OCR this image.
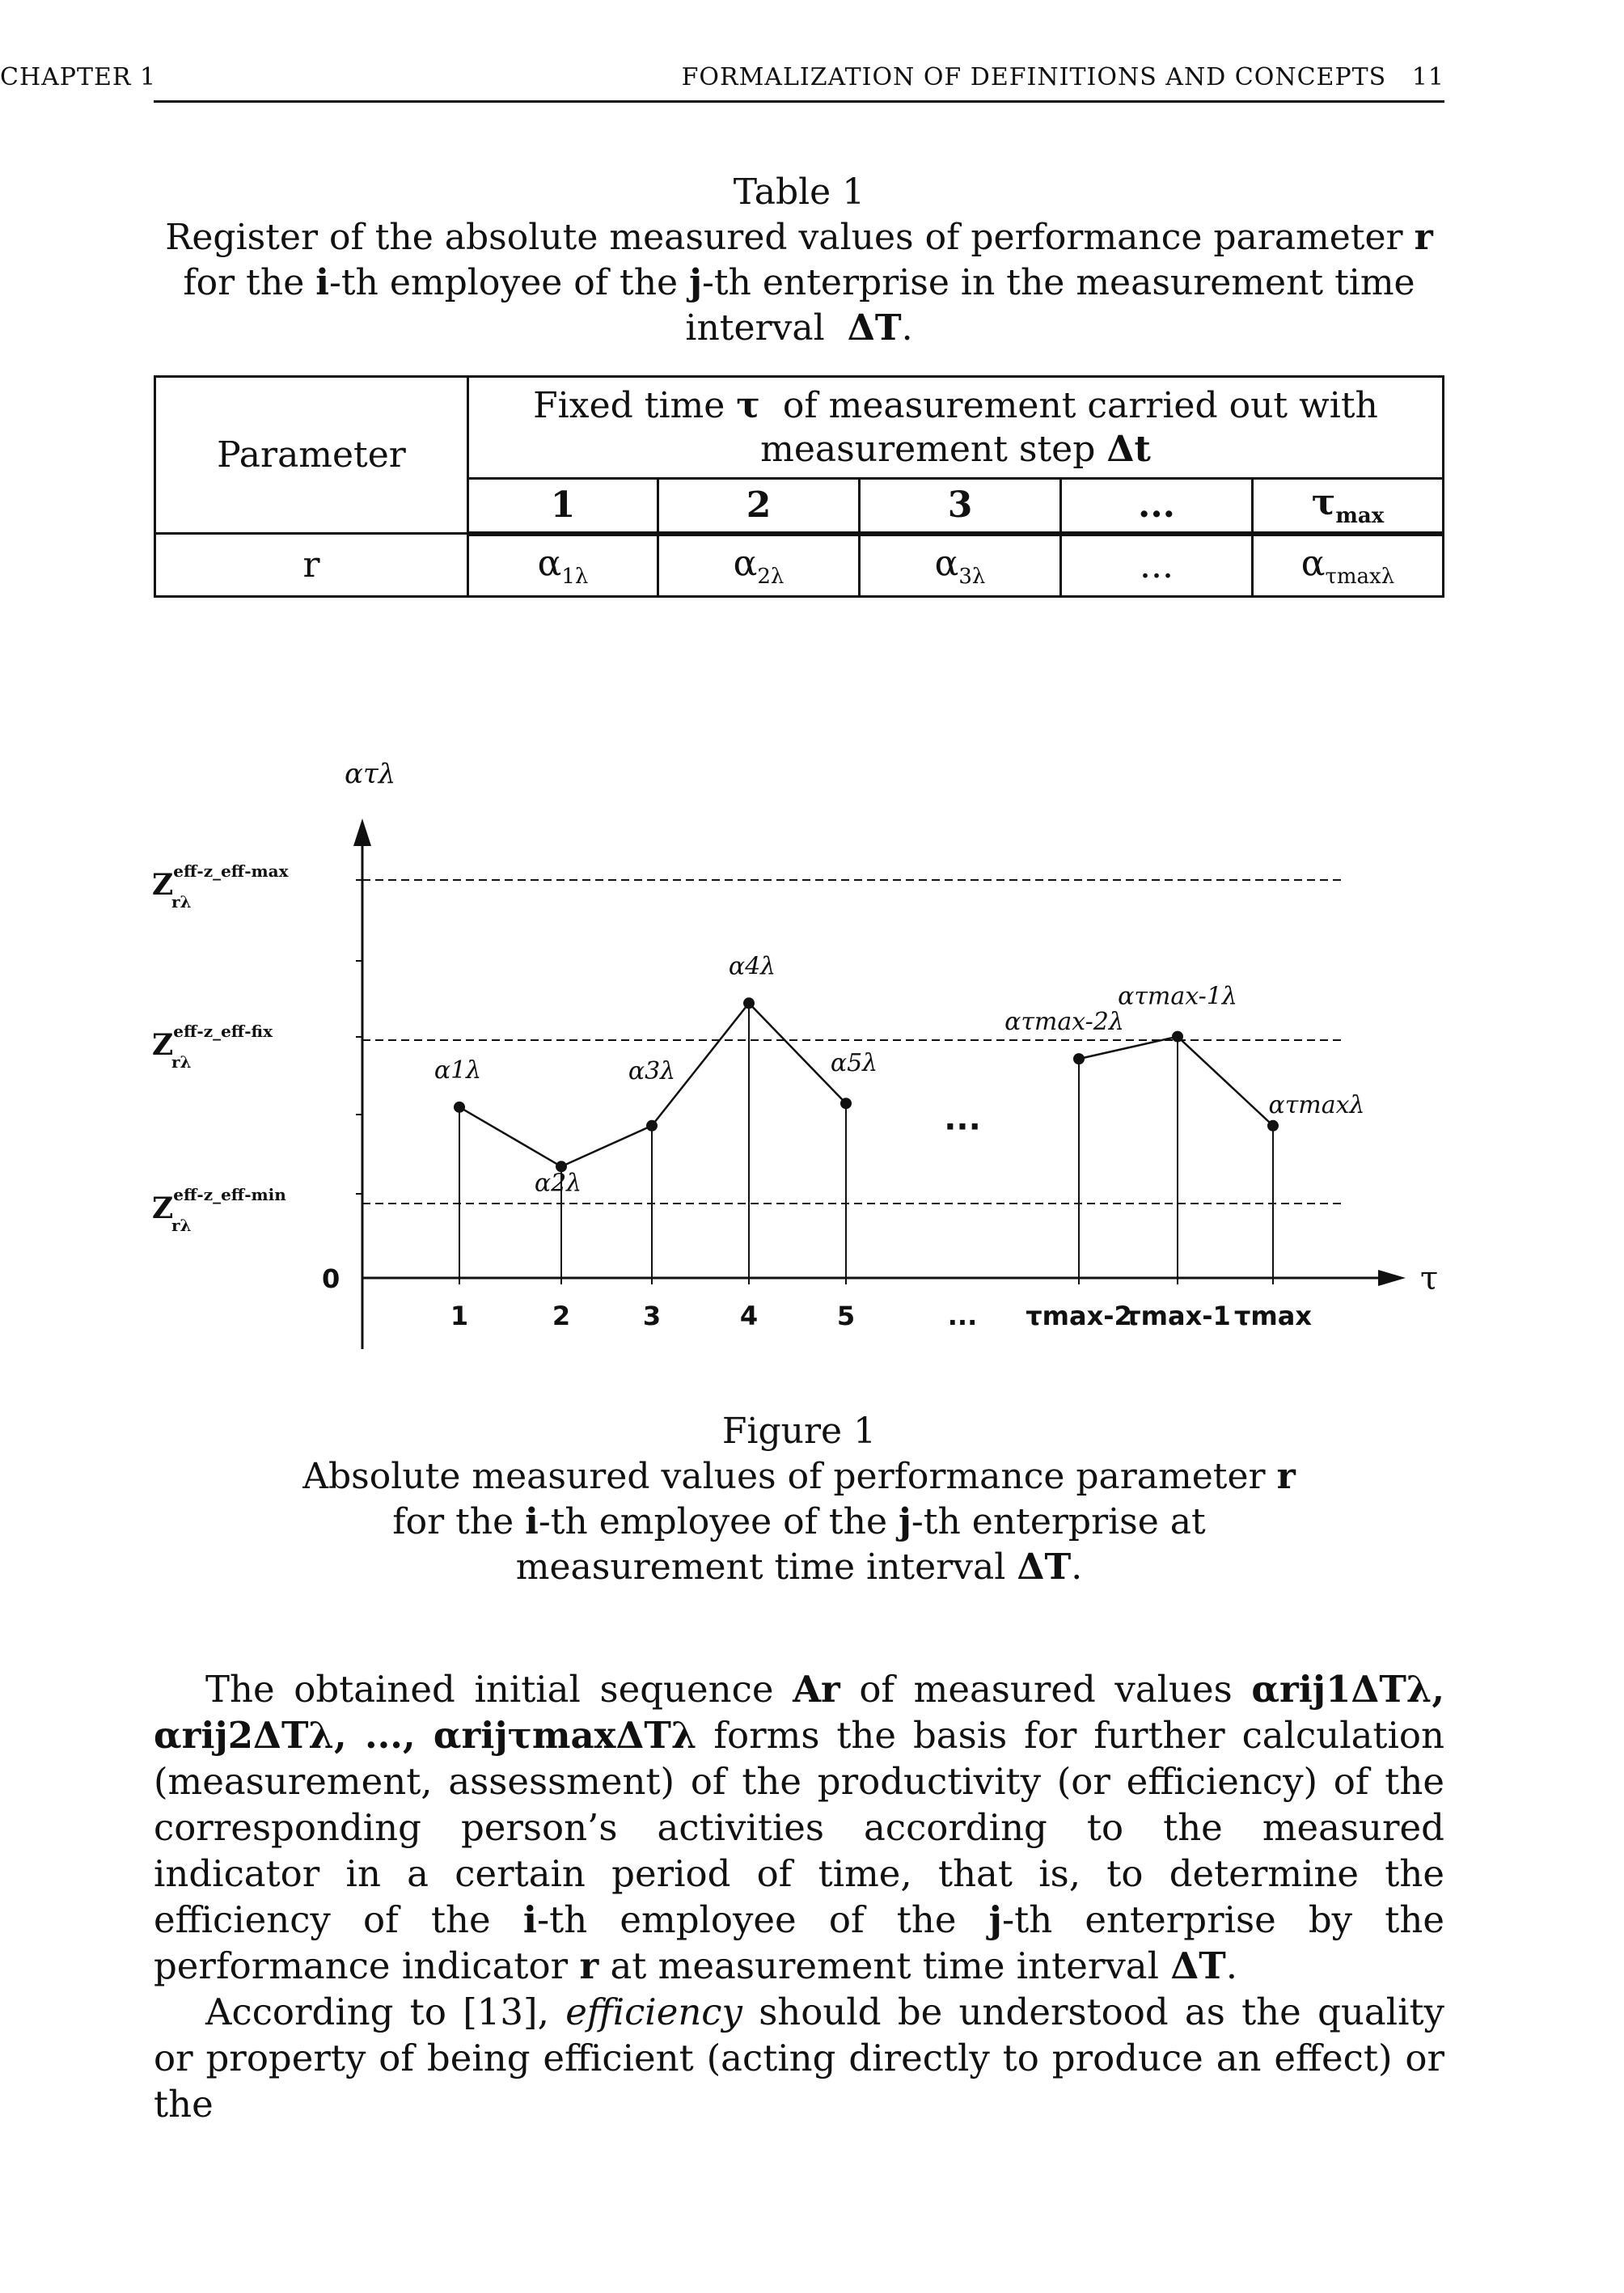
CHAPTER 1	FORMALIZATION OF DEFINITIONS AND CONCEPTS 11
Table 1
Register of the absolute measured values of performance parameter r for the i-th employee of the j-th enterprise in the measurement time interval ΔT.
Parameter	Fixed time τ of measurement carried out with measurement step Δt				
	1	2	3	...	$\tau_{max}$
r	$\alpha_{1\lambda}$	$\alpha_{2\lambda}$	$\alpha_{3\lambda}$	...	$\alpha_{\tau max\lambda}$
ατλ
τ
0
$Z^{eff-z\_eff-max}$ rλ
$Z^{eff-z\_eff-fix}$ rλ
$Z^{eff-z\_eff-min}$ rλ
1	2	3	4	5	... τmax-2
τmax-1 τmax
α1λ
α2λ
α3λ
α4λ
α5λ
ατmax-2λ
ατmax-1λ
ατmaxλ
...
Figure 1
Absolute measured values of performance parameter r for the i-th employee of the j-th enterprise at measurement time interval ΔT.

The obtained initial sequence Ar of measured values αrij1ΔTλ, αrij2ΔTλ, ..., αrijτmaxΔTλ forms the basis for further calculation (measurement, assessment) of the productivity (or efficiency) of the corresponding person’s activities according to the measured indicator in a certain period of time, that is, to determine the efficiency of the i-th employee of the j-th enterprise by the performance indicator r at measurement time interval ΔT.

According to [13], efficiency should be understood as the quality or property of being efficient (acting directly to produce an effect) or the
